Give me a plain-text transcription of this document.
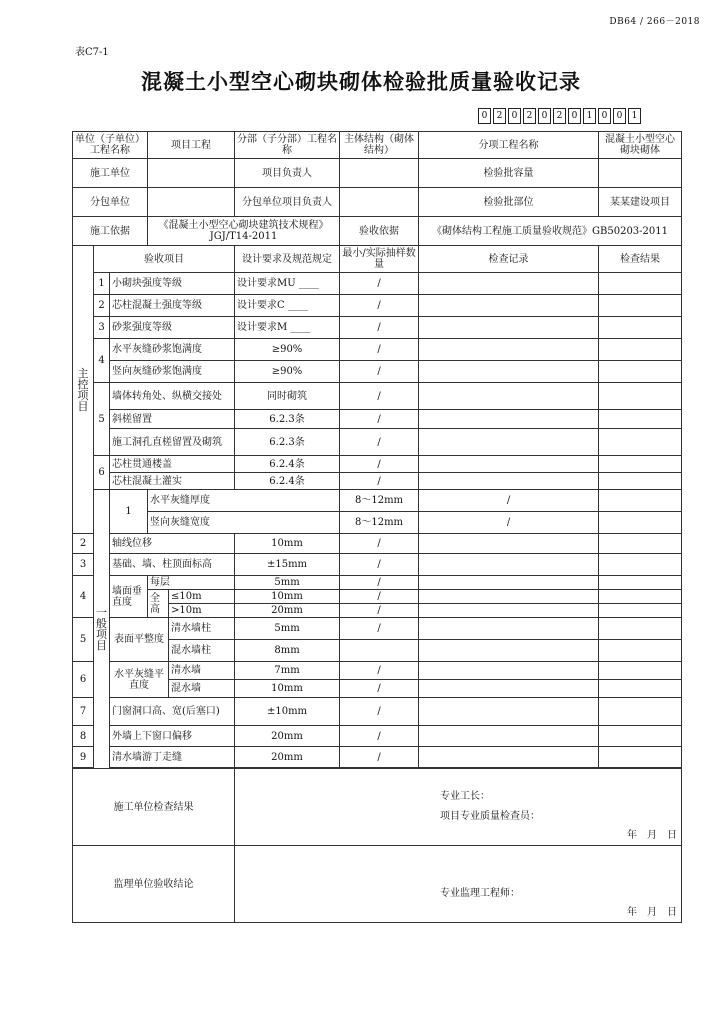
DB64 / 266－2018
表C7-1
混凝土小型空心砌块砌体检验批质量验收记录
0	2	0	2	0	2	0	1	0	0	1
单位（子单位）工程名称			项目工程		分部（子分部）工程名称	主体结构（砌体结构）	分项工程名称	混凝土小型空心砌块砌体	
施工单位					项目负责人		检验批容量		
分包单位					分包单位项目负责人		检验批部位	某某建设项目	
施工依据			《混凝土小型空心砌块建筑技术规程》JGJ/T14-2011			验收依据	《砌体结构工程施工质量验收规范》GB50203-2011		
主
控
项
目	验收项目				设计要求及规范规定	最小/实际抽样数量	检查记录	检查结果	
	1	小砌块强度等级			设计要求MU ____	/			
	2	芯柱混凝土强度等级			设计要求C ____	/			
	3	砂浆强度等级			设计要求M ____	/			
	4	水平灰缝砂浆饱满度			≥90%	/			
		竖向灰缝砂浆饱满度			≥90%	/			
	5	墙体转角处、纵横交接处			同时砌筑	/			
		斜槎留置			6.2.3条	/			
		施工洞孔直槎留置及砌筑			6.2.3条	/			
	6	芯柱贯通楼盖			6.2.4条	/			
		芯柱混凝土灌实			6.2.4条	/			
	一
般
项
目	1	水平灰缝厚度			8～12mm	/		
			竖向灰缝宽度			8～12mm	/		
2		轴线位移			10mm	/			
3		基础、墙、柱顶面标高			±15mm	/			
4		墙面垂直度	每层		5mm	/			
			全高	≤10m	10mm	/			
				>10m	20mm	/			
5		表面平整度		清水墙柱	5mm	/			
				混水墙柱	8mm				
6		水平灰缝平直度		清水墙	7mm	/			
				混水墙	10mm	/			
7		门窗洞口高、宽(后塞口)			±10mm	/			
8		外墙上下窗口偏移			20mm	/			
9		清水墙游丁走缝			20mm	/			

施工单位检查结果					专业工长：
项目专业质量检查员：
年　月　日				

监理单位验收结论					专业监理工程师：
年　月　日				
